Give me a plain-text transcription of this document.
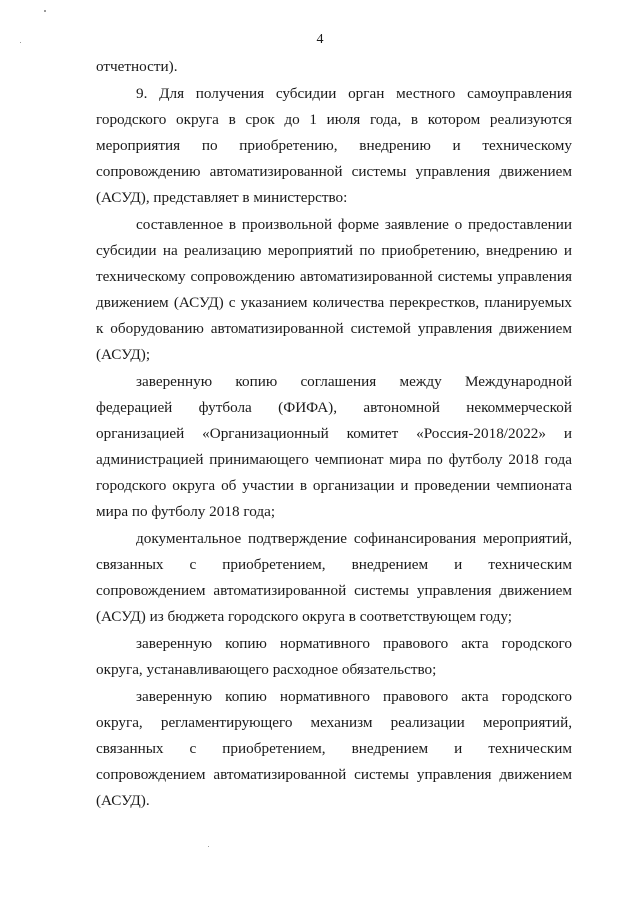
4

отчетности).

9. Для получения субсидии орган местного самоуправления городского округа в срок до 1 июля года, в котором реализуются мероприятия по приобретению, внедрению и техническому сопровождению автоматизированной системы управления движением (АСУД), представляет в министерство:

составленное в произвольной форме заявление о предоставлении субсидии на реализацию мероприятий по приобретению, внедрению и техническому сопровождению автоматизированной системы управления движением (АСУД) с указанием количества перекрестков, планируемых к оборудованию автоматизированной системой управления движением (АСУД);

заверенную копию соглашения между Международной федерацией футбола (ФИФА), автономной некоммерческой организацией «Организационный комитет «Россия-2018/2022» и администрацией принимающего чемпионат мира по футболу 2018 года городского округа об участии в организации и проведении чемпионата мира по футболу 2018 года;

документальное подтверждение софинансирования мероприятий, связанных с приобретением, внедрением и техническим сопровождением автоматизированной системы управления движением (АСУД) из бюджета городского округа в соответствующем году;

заверенную копию нормативного правового акта городского округа, устанавливающего расходное обязательство;

заверенную копию нормативного правового акта городского округа, регламентирующего механизм реализации мероприятий, связанных с приобретением, внедрением и техническим сопровождением автоматизированной системы управления движением (АСУД).
